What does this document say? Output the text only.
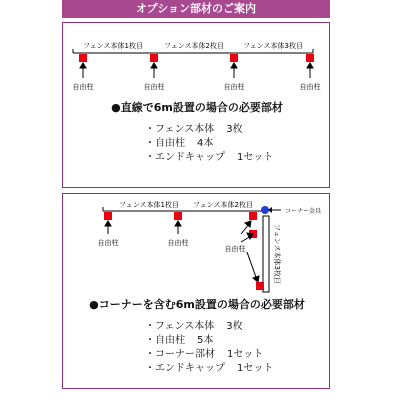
オプション部材のご案内
フェンス本体1枚目	フェンス本体2枚目	フェンス本体3枚目
自由柱	自由柱	自由柱	自由柱
●直線で6m設置の場合の必要部材
・フェンス本体 3枚
・自由柱 4本
・エンドキャップ 1セット
フェンス本体1枚目 フェンス本体2枚目
コーナー金具
フェンス本体3枚目
自由柱	自由柱
自由柱
●コーナーを含む6m設置の場合の必要部材
・フェンス本体 3枚
・自由柱 5本
・コーナー部材 1セット
・エンドキャップ 1セット
